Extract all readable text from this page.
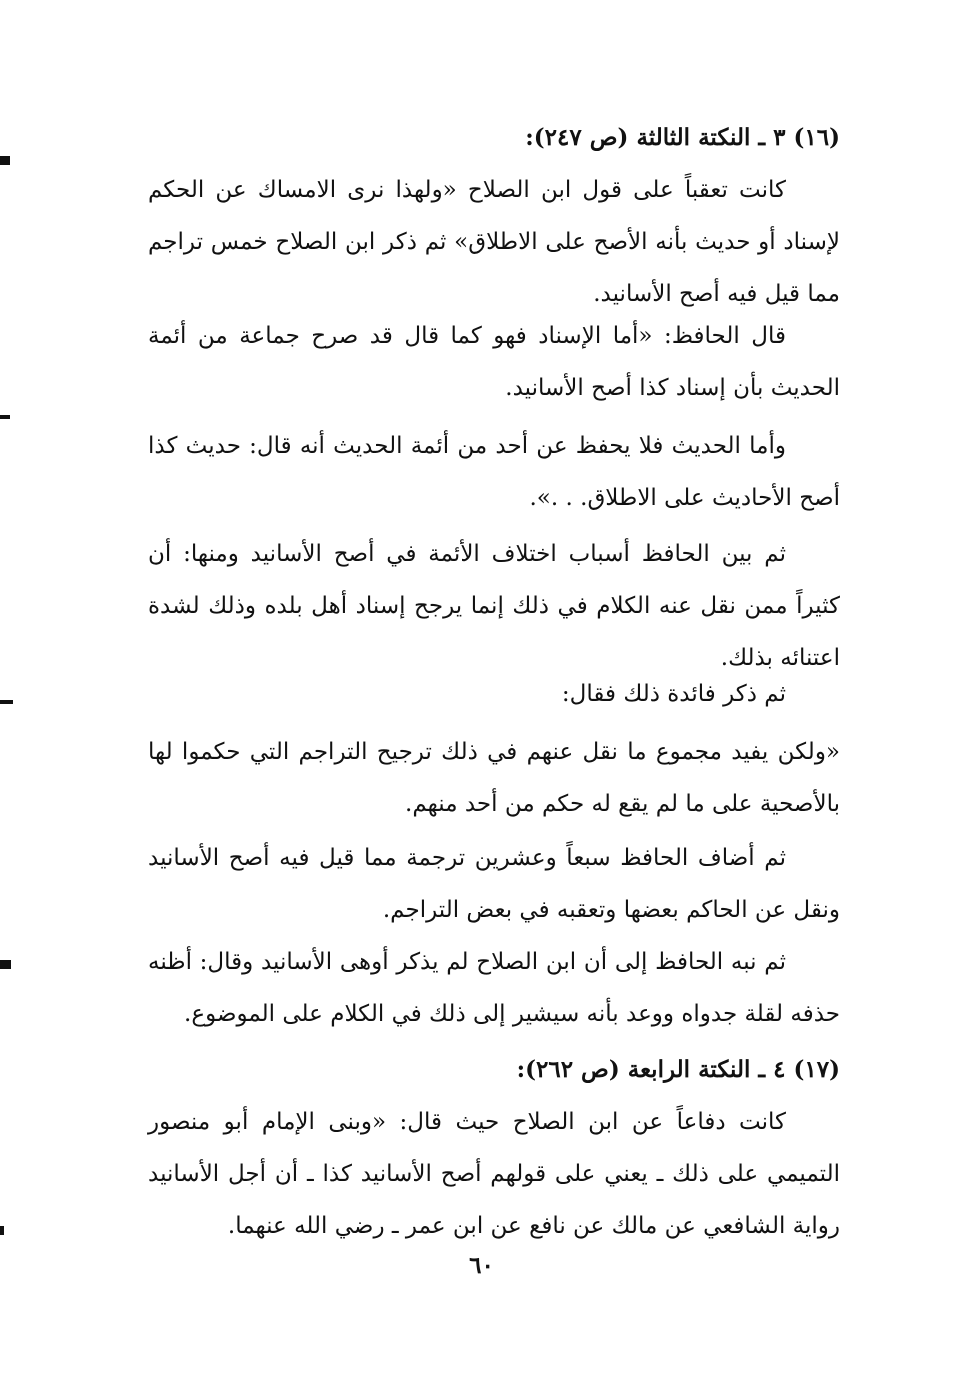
(١٦) ٣ ـ النكتة الثالثة (ص ٢٤٧):

كانت تعقباً على قول ابن الصلاح «ولهذا نرى الامساك عن الحكم لإسناد أو حديث بأنه الأصح على الاطلاق» ثم ذكر ابن الصلاح خمس تراجم مما قيل فيه أصح الأسانيد.

قال الحافظ: «أما الإسناد فهو كما قال قد صرح جماعة من أئمة الحديث بأن إسناد كذا أصح الأسانيد.

وأما الحديث فلا يحفظ عن أحد من أئمة الحديث أنه قال: حديث كذا أصح الأحاديث على الاطلاق. . .».

ثم بين الحافظ أسباب اختلاف الأئمة في أصح الأسانيد ومنها: أن كثيراً ممن نقل عنه الكلام في ذلك إنما يرجح إسناد أهل بلده وذلك لشدة اعتنائه بذلك.

ثم ذكر فائدة ذلك فقال:

«ولكن يفيد مجموع ما نقل عنهم في ذلك ترجيح التراجم التي حكموا لها بالأصحية على ما لم يقع له حكم من أحد منهم.

ثم أضاف الحافظ سبعاً وعشرين ترجمة مما قيل فيه أصح الأسانيد ونقل عن الحاكم بعضها وتعقبه في بعض التراجم.

ثم نبه الحافظ إلى أن ابن الصلاح لم يذكر أوهى الأسانيد وقال: أظنه حذفه لقلة جدواه ووعد بأنه سيشير إلى ذلك في الكلام على الموضوع.

(١٧) ٤ ـ النكتة الرابعة (ص ٢٦٢):

كانت دفاعاً عن ابن الصلاح حيث قال: «وبنى الإمام أبو منصور التميمي على ذلك ـ يعني على قولهم أصح الأسانيد كذا ـ أن أجل الأسانيد رواية الشافعي عن مالك عن نافع عن ابن عمر ـ رضي الله عنهما.

٦٠
